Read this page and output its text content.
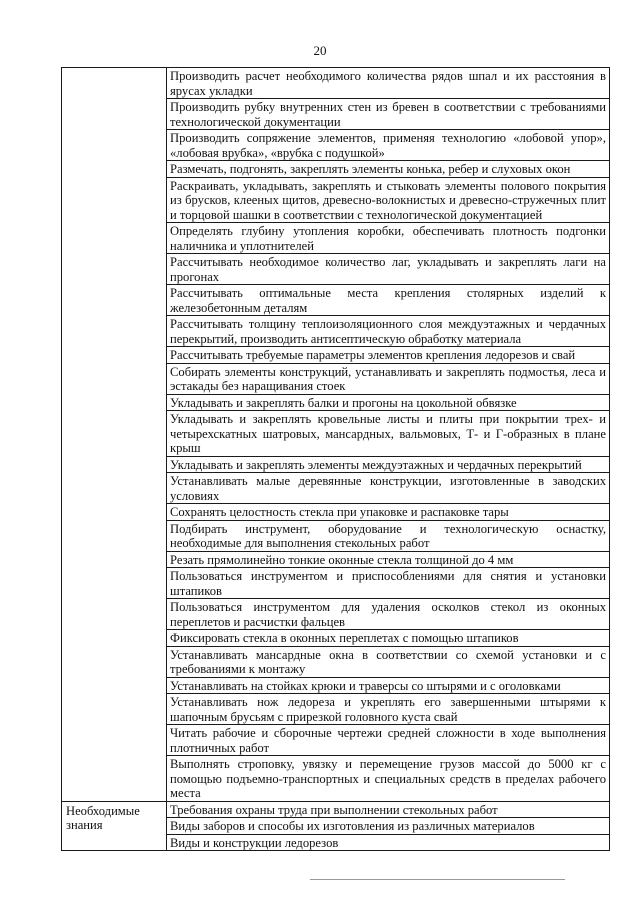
20
	Производить расчет необходимого количества рядов шпал и их расстояния в ярусах укладки
	Производить рубку внутренних стен из бревен в соответствии с требованиями технологической документации
	Производить сопряжение элементов, применяя технологию «лобовой упор», «лобовая врубка», «врубка с подушкой»
	Размечать, подгонять, закреплять элементы конька, ребер и слуховых окон
	Раскраивать, укладывать, закреплять и стыковать элементы полового покрытия из брусков, клееных щитов, древесно-волокнистых и древесно-стружечных плит и торцовой шашки в соответствии с технологической документацией
	Определять глубину утопления коробки, обеспечивать плотность подгонки наличника и уплотнителей
	Рассчитывать необходимое количество лаг, укладывать и закреплять лаги на прогонах
	Рассчитывать оптимальные места крепления столярных изделий к железобетонным деталям
	Рассчитывать толщину теплоизоляционного слоя междуэтажных и чердачных перекрытий, производить антисептическую обработку материала
	Рассчитывать требуемые параметры элементов крепления ледорезов и свай
	Собирать элементы конструкций, устанавливать и закреплять подмостья, леса и эстакады без наращивания стоек
	Укладывать и закреплять балки и прогоны на цокольной обвязке
	Укладывать и закреплять кровельные листы и плиты при покрытии трех- и четырехскатных шатровых, мансардных, вальмовых, Т- и Г-образных в плане крыш
	Укладывать и закреплять элементы междуэтажных и чердачных перекрытий
	Устанавливать малые деревянные конструкции, изготовленные в заводских условиях
	Сохранять целостность стекла при упаковке и распаковке тары
	Подбирать инструмент, оборудование и технологическую оснастку, необходимые для выполнения стекольных работ
	Резать прямолинейно тонкие оконные стекла толщиной до 4 мм
	Пользоваться инструментом и приспособлениями для снятия и установки штапиков
	Пользоваться инструментом для удаления осколков стекол из оконных переплетов и расчистки фальцев
	Фиксировать стекла в оконных переплетах с помощью штапиков
	Устанавливать мансардные окна в соответствии со схемой установки и с требованиями к монтажу
	Устанавливать на стойках крюки и траверсы со штырями и с оголовками
	Устанавливать нож ледореза и укреплять его завершенными штырями к шапочным брусьям с прирезкой головного куста свай
	Читать рабочие и сборочные чертежи средней сложности в ходе выполнения плотничных работ
	Выполнять строповку, увязку и перемещение грузов массой до 5000 кг с помощью подъемно-транспортных и специальных средств в пределах рабочего места
Необходимые знания	Требования охраны труда при выполнении стекольных работ
	Виды заборов и способы их изготовления из различных материалов
	Виды и конструкции ледорезов
